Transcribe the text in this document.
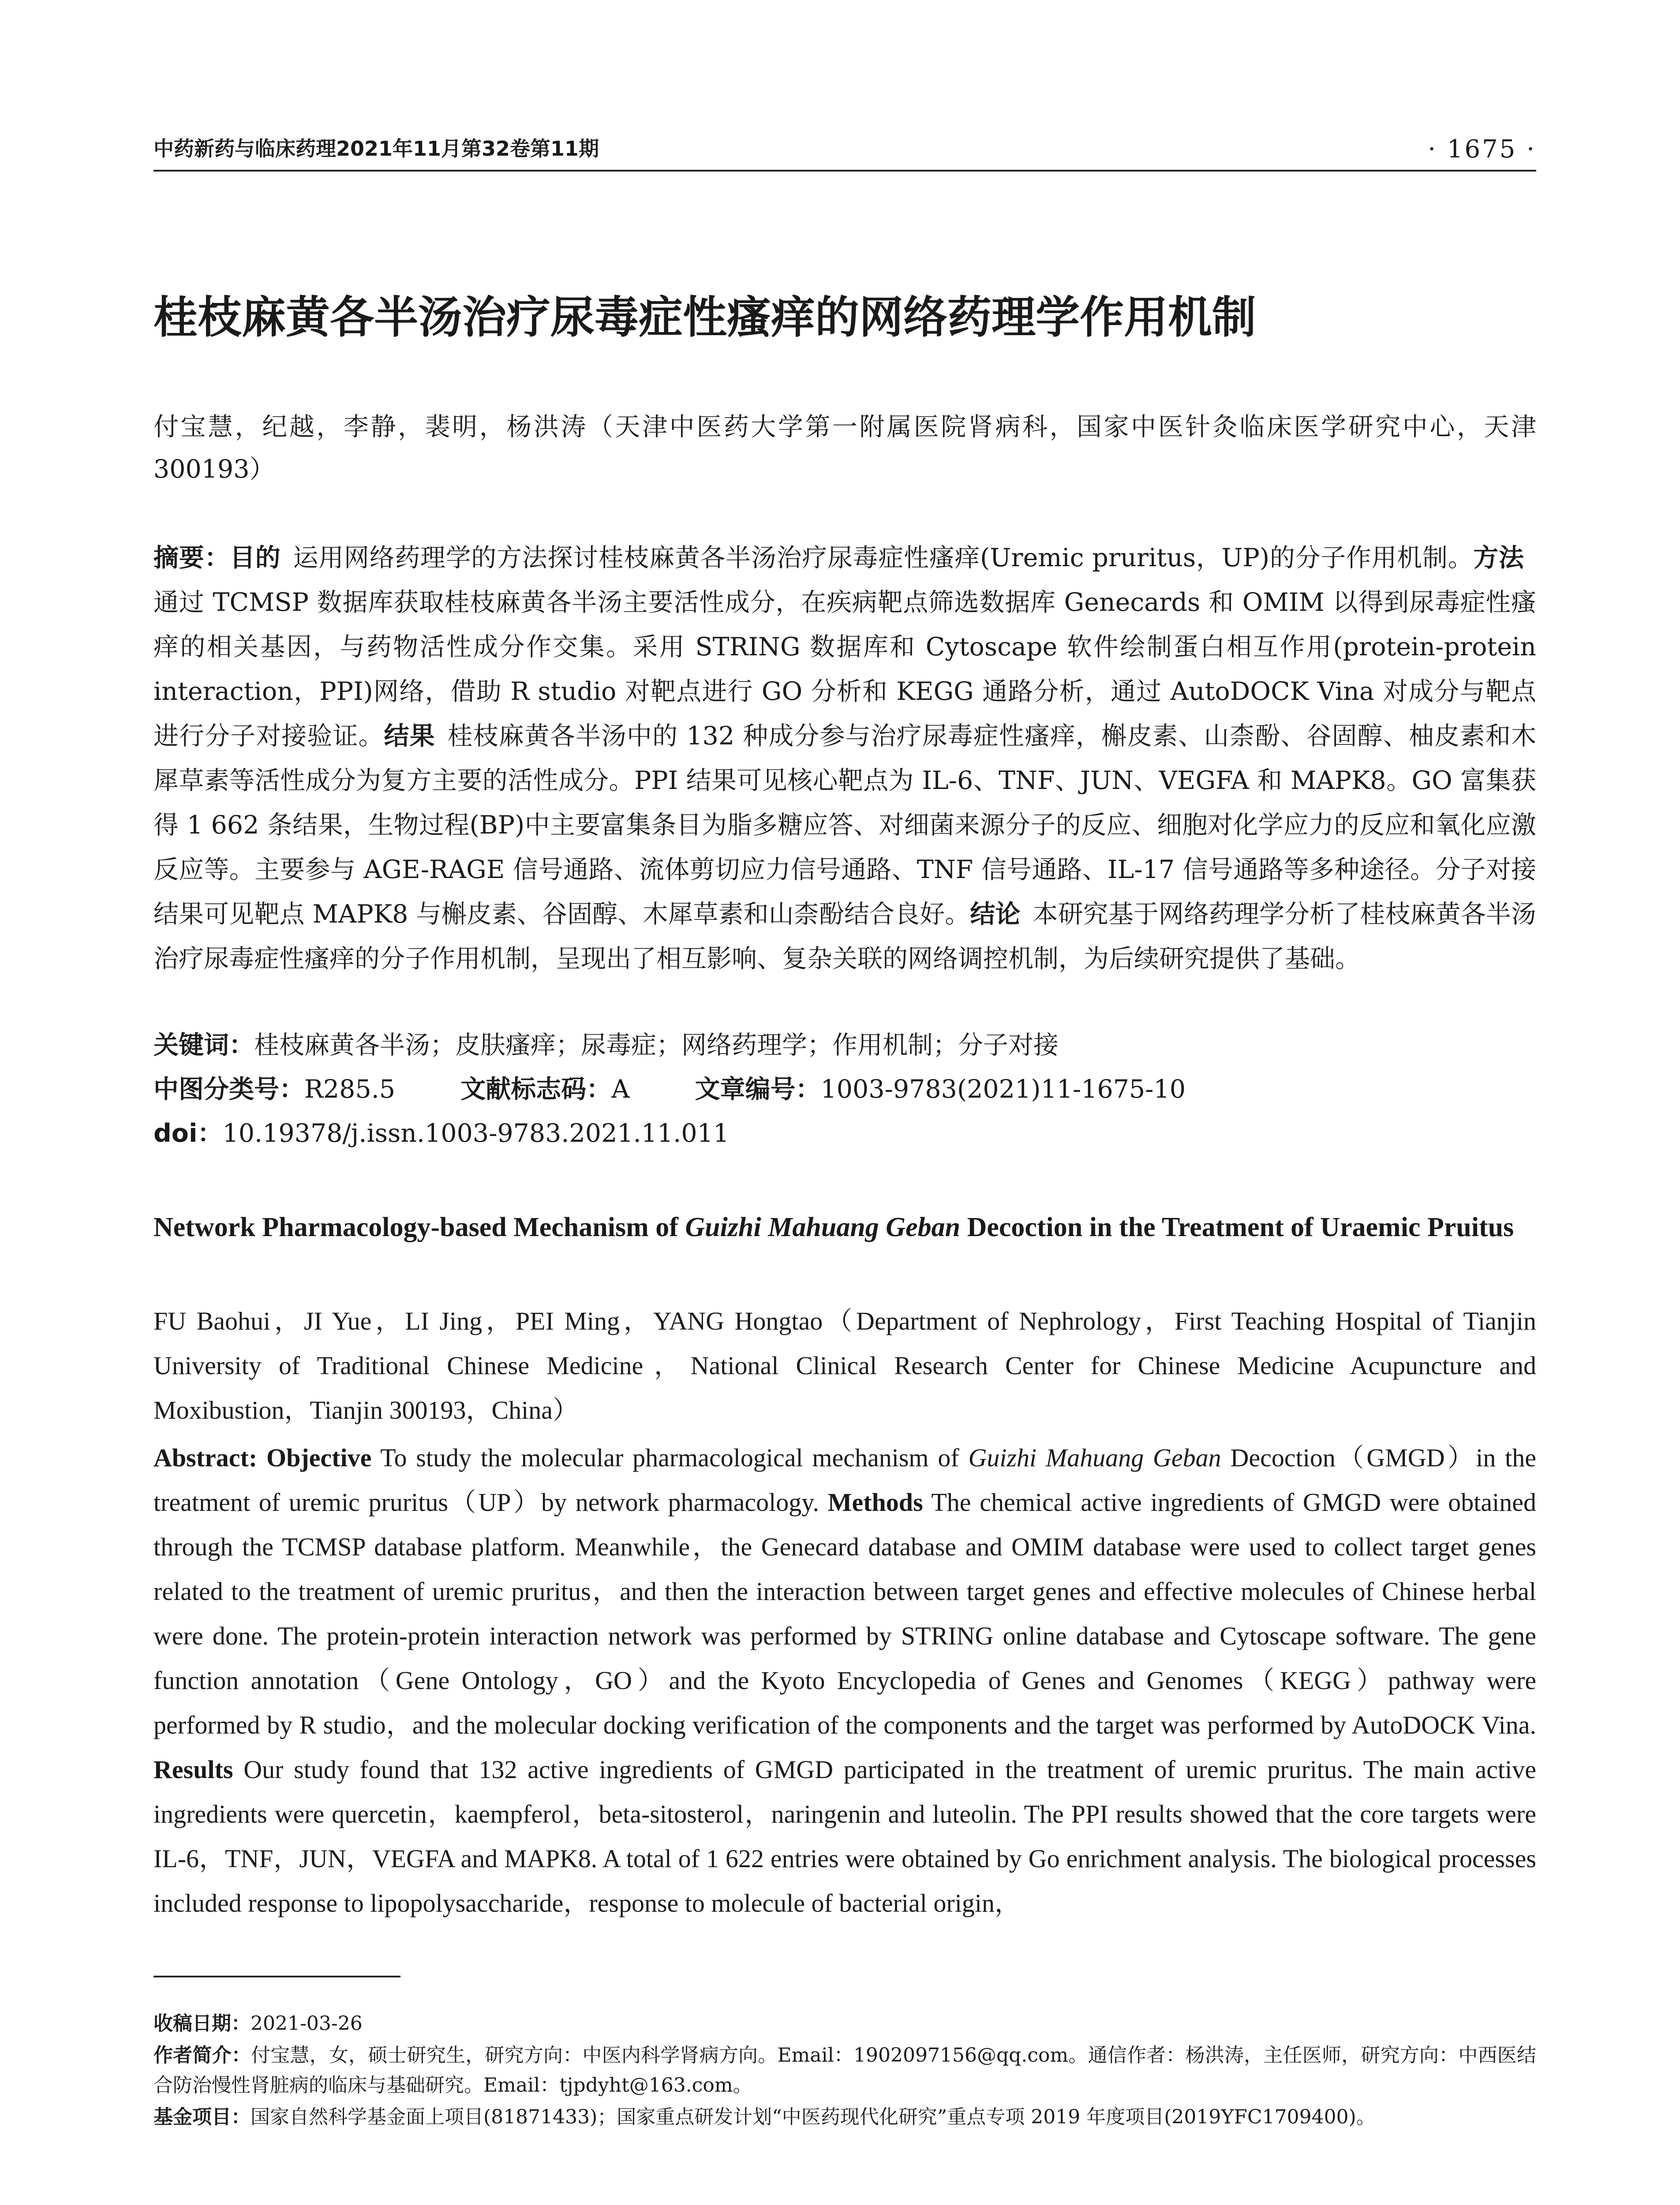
中药新药与临床药理2021年11月第32卷第11期	· 1675 ·
桂枝麻黄各半汤治疗尿毒症性瘙痒的网络药理学作用机制
付宝慧，纪越，李静，裴明，杨洪涛（天津中医药大学第一附属医院肾病科，国家中医针灸临床医学研究中心，天津 300193）
摘要：目的 运用网络药理学的方法探讨桂枝麻黄各半汤治疗尿毒症性瘙痒(Uremic pruritus，UP)的分子作用机制。方法通过 TCMSP 数据库获取桂枝麻黄各半汤主要活性成分，在疾病靶点筛选数据库 Genecards 和 OMIM 以得到尿毒症性瘙痒的相关基因，与药物活性成分作交集。采用 STRING 数据库和 Cytoscape 软件绘制蛋白相互作用(protein-protein interaction，PPI)网络，借助 R studio 对靶点进行 GO 分析和 KEGG 通路分析，通过 AutoDOCK Vina 对成分与靶点进行分子对接验证。结果 桂枝麻黄各半汤中的 132 种成分参与治疗尿毒症性瘙痒，槲皮素、山柰酚、谷固醇、柚皮素和木犀草素等活性成分为复方主要的活性成分。PPI 结果可见核心靶点为 IL-6、TNF、JUN、VEGFA 和 MAPK8。GO 富集获得 1 662 条结果，生物过程(BP)中主要富集条目为脂多糖应答、对细菌来源分子的反应、细胞对化学应力的反应和氧化应激反应等。主要参与 AGE-RAGE 信号通路、流体剪切应力信号通路、TNF 信号通路、IL-17 信号通路等多种途径。分子对接结果可见靶点 MAPK8 与槲皮素、谷固醇、木犀草素和山柰酚结合良好。结论 本研究基于网络药理学分析了桂枝麻黄各半汤治疗尿毒症性瘙痒的分子作用机制，呈现出了相互影响、复杂关联的网络调控机制，为后续研究提供了基础。
关键词：桂枝麻黄各半汤；皮肤瘙痒；尿毒症；网络药理学；作用机制；分子对接
中图分类号：R285.5	文献标志码：A	文章编号：1003-9783(2021)11-1675-10
doi：10.19378/j.issn.1003-9783.2021.11.011
Network Pharmacology-based Mechanism of Guizhi Mahuang Geban Decoction in the Treatment of Uraemic Pruitus
FU Baohui，JI Yue，LI Jing，PEI Ming，YANG Hongtao（Department of Nephrology，First Teaching Hospital of Tianjin University of Traditional Chinese Medicine，National Clinical Research Center for Chinese Medicine Acupuncture and Moxibustion，Tianjin 300193，China）
Abstract: Objective To study the molecular pharmacological mechanism of Guizhi Mahuang Geban Decoction（GMGD）in the treatment of uremic pruritus（UP）by network pharmacology. Methods The chemical active ingredients of GMGD were obtained through the TCMSP database platform. Meanwhile，the Genecard database and OMIM database were used to collect target genes related to the treatment of uremic pruritus，and then the interaction between target genes and effective molecules of Chinese herbal were done. The protein-protein interaction network was performed by STRING online database and Cytoscape software. The gene function annotation（Gene Ontology，GO）and the Kyoto Encyclopedia of Genes and Genomes（KEGG）pathway were performed by R studio，and the molecular docking verification of the components and the target was performed by AutoDOCK Vina. Results Our study found that 132 active ingredients of GMGD participated in the treatment of uremic pruritus. The main active ingredients were quercetin，kaempferol，beta-sitosterol，naringenin and luteolin. The PPI results showed that the core targets were IL-6，TNF，JUN，VEGFA and MAPK8. A total of 1 622 entries were obtained by Go enrichment analysis. The biological processes included response to lipopolysaccharide，response to molecule of bacterial origin，

收稿日期：2021-03-26

作者简介：付宝慧，女，硕士研究生，研究方向：中医内科学肾病方向。Email：1902097156@qq.com。通信作者：杨洪涛，主任医师，研究方向：中西医结合防治慢性肾脏病的临床与基础研究。Email：tjpdyht@163.com。

基金项目：国家自然科学基金面上项目(81871433)；国家重点研发计划“中医药现代化研究”重点专项 2019 年度项目(2019YFC1709400)。
